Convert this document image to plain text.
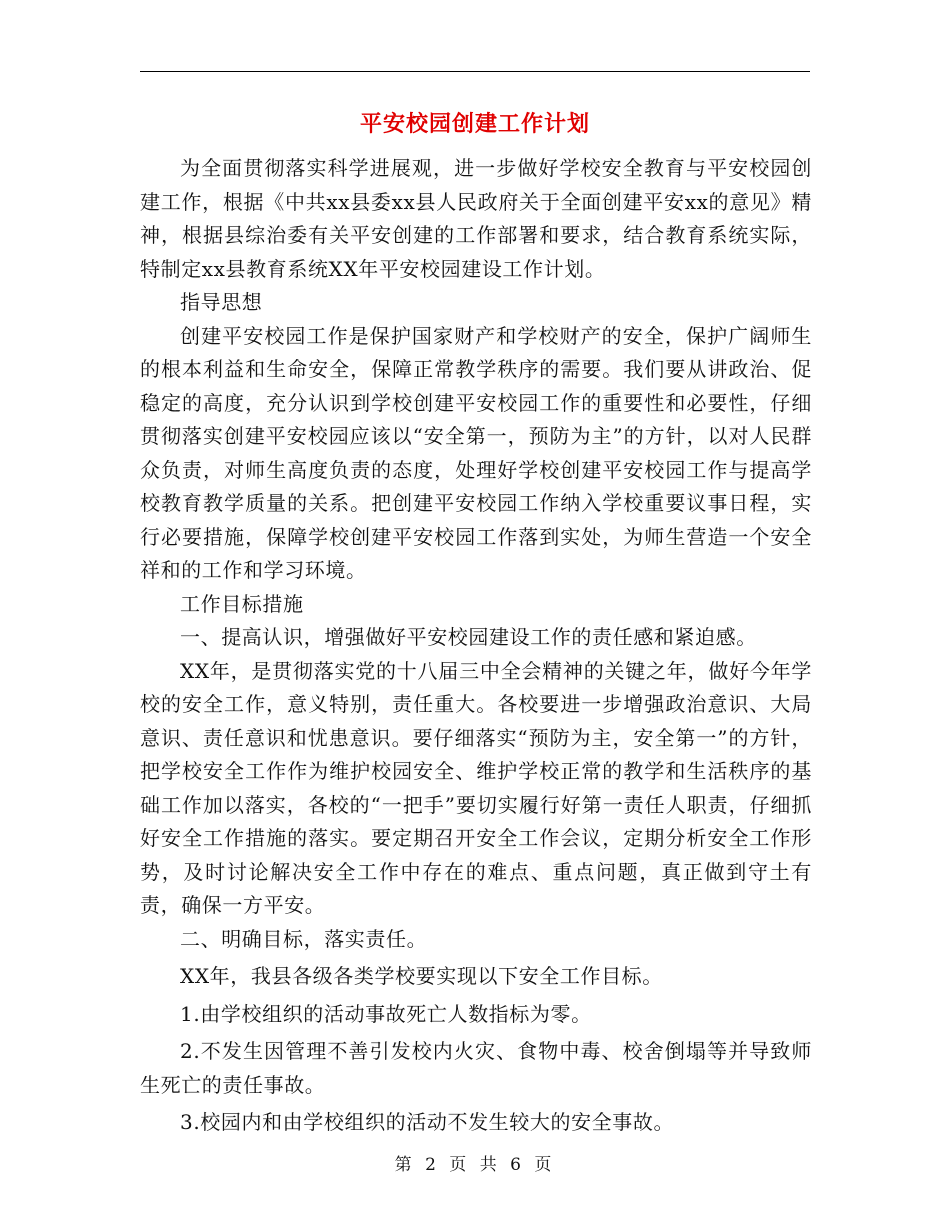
平安校园创建工作计划

为全面贯彻落实科学进展观，进一步做好学校安全教育与平安校园创建工作，根据《中共xx县委xx县人民政府关于全面创建平安xx的意见》精神，根据县综治委有关平安创建的工作部署和要求，结合教育系统实际，特制定xx县教育系统XX年平安校园建设工作计划。

指导思想

创建平安校园工作是保护国家财产和学校财产的安全，保护广阔师生的根本利益和生命安全，保障正常教学秩序的需要。我们要从讲政治、促稳定的高度，充分认识到学校创建平安校园工作的重要性和必要性，仔细贯彻落实创建平安校园应该以“安全第一，预防为主”的方针，以对人民群众负责，对师生高度负责的态度，处理好学校创建平安校园工作与提高学校教育教学质量的关系。把创建平安校园工作纳入学校重要议事日程，实行必要措施，保障学校创建平安校园工作落到实处，为师生营造一个安全祥和的工作和学习环境。

工作目标措施

一、提高认识，增强做好平安校园建设工作的责任感和紧迫感。

XX年，是贯彻落实党的十八届三中全会精神的关键之年，做好今年学校的安全工作，意义特别，责任重大。各校要进一步增强政治意识、大局意识、责任意识和忧患意识。要仔细落实“预防为主，安全第一”的方针，把学校安全工作作为维护校园安全、维护学校正常的教学和生活秩序的基础工作加以落实，各校的“一把手”要切实履行好第一责任人职责，仔细抓好安全工作措施的落实。要定期召开安全工作会议，定期分析安全工作形势，及时讨论解决安全工作中存在的难点、重点问题，真正做到守土有责，确保一方平安。

二、明确目标，落实责任。

XX年，我县各级各类学校要实现以下安全工作目标。

1.由学校组织的活动事故死亡人数指标为零。

2.不发生因管理不善引发校内火灾、食物中毒、校舍倒塌等并导致师生死亡的责任事故。

3.校园内和由学校组织的活动不发生较大的安全事故。

第 2 页 共 6 页
